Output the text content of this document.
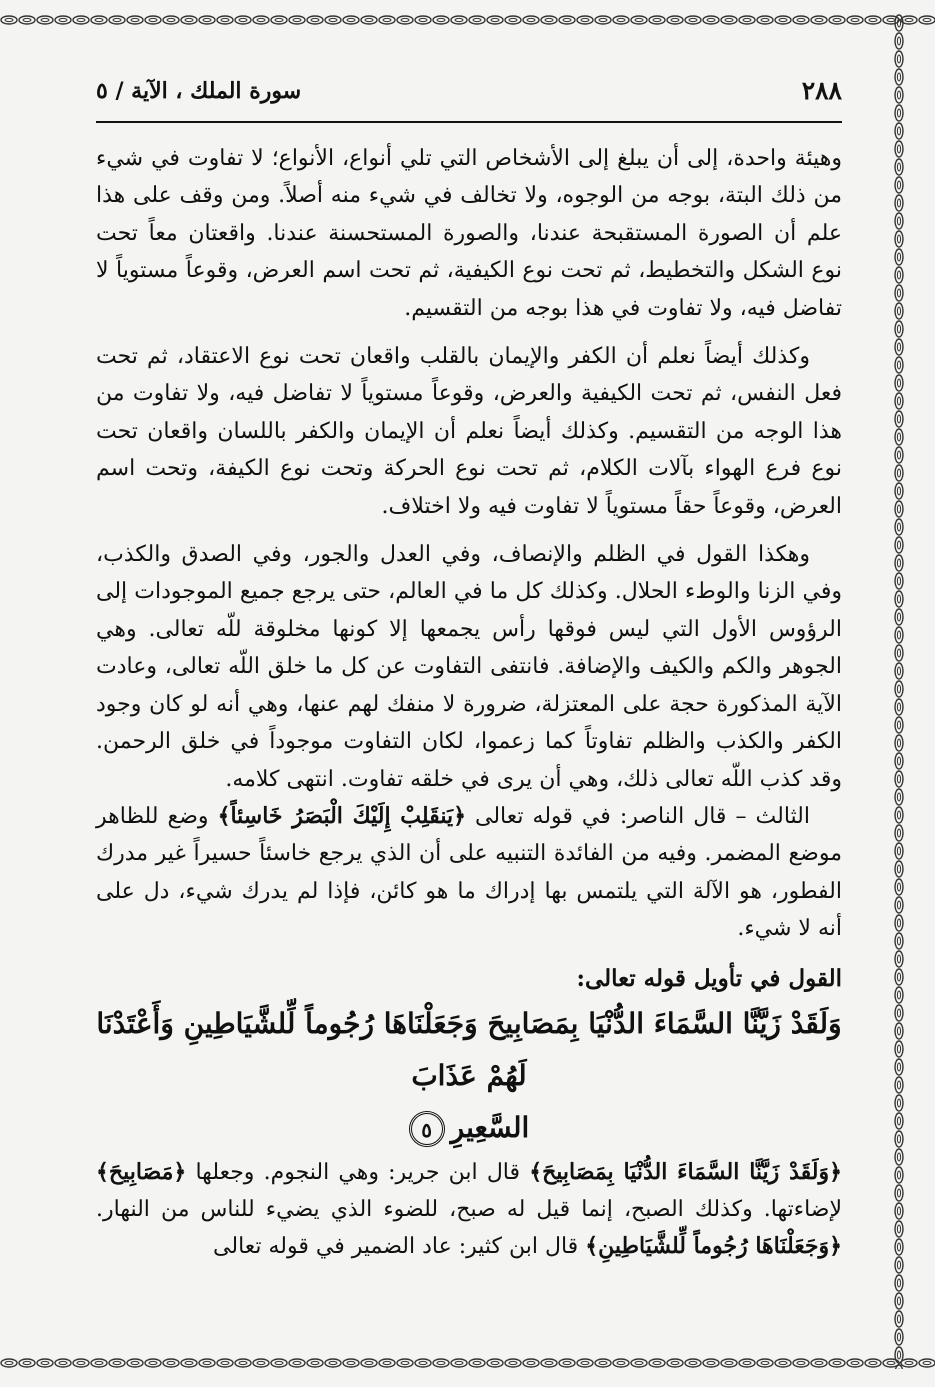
٢٨٨
سورة الملك ، الآية / ٥

وهيئة واحدة، إلى أن يبلغ إلى الأشخاص التي تلي أنواع، الأنواع؛ لا تفاوت في شيء من ذلك البتة، بوجه من الوجوه، ولا تخالف في شيء منه أصلاً. ومن وقف على هذا علم أن الصورة المستقبحة عندنا، والصورة المستحسنة عندنا. واقعتان معاً تحت نوع الشكل والتخطيط، ثم تحت نوع الكيفية، ثم تحت اسم العرض، وقوعاً مستوياً لا تفاضل فيه، ولا تفاوت في هذا بوجه من التقسيم.

وكذلك أيضاً نعلم أن الكفر والإيمان بالقلب واقعان تحت نوع الاعتقاد، ثم تحت فعل النفس، ثم تحت الكيفية والعرض، وقوعاً مستوياً لا تفاضل فيه، ولا تفاوت من هذا الوجه من التقسيم. وكذلك أيضاً نعلم أن الإيمان والكفر باللسان واقعان تحت نوع فرع الهواء بآلات الكلام، ثم تحت نوع الحركة وتحت نوع الكيفة، وتحت اسم العرض، وقوعاً حقاً مستوياً لا تفاوت فيه ولا اختلاف.

وهكذا القول في الظلم والإنصاف، وفي العدل والجور، وفي الصدق والكذب، وفي الزنا والوطء الحلال. وكذلك كل ما في العالم، حتى يرجع جميع الموجودات إلى الرؤوس الأول التي ليس فوقها رأس يجمعها إلا كونها مخلوقة للّه تعالى. وهي الجوهر والكم والكيف والإضافة. فانتفى التفاوت عن كل ما خلق اللّه تعالى، وعادت الآية المذكورة حجة على المعتزلة، ضرورة لا منفك لهم عنها، وهي أنه لو كان وجود الكفر والكذب والظلم تفاوتاً كما زعموا، لكان التفاوت موجوداً في خلق الرحمن. وقد كذب اللّه تعالى ذلك، وهي أن يرى في خلقه تفاوت. انتهى كلامه.

الثالث – قال الناصر: في قوله تعالى ﴿يَنقَلِبْ إِلَيْكَ الْبَصَرُ خَاسِئاً﴾ وضع للظاهر موضع المضمر. وفيه من الفائدة التنبيه على أن الذي يرجع خاسئاً حسيراً غير مدرك الفطور، هو الآلة التي يلتمس بها إدراك ما هو كائن، فإذا لم يدرك شيء، دل على أنه لا شيء.

القول في تأويل قوله تعالى:

وَلَقَدْ زَيَّنَّا السَّمَاءَ الدُّنْيَا بِمَصَابِيحَ وَجَعَلْنَاهَا رُجُوماً لِّلشَّيَاطِينِ وَأَعْتَدْنَا لَهُمْ عَذَابَ

السَّعِيرِ٥

﴿وَلَقَدْ زَيَّنَّا السَّمَاءَ الدُّنْيَا بِمَصَابِيحَ﴾ قال ابن جرير: وهي النجوم. وجعلها ﴿مَصَابِيحَ﴾ لإضاءتها. وكذلك الصبح، إنما قيل له صبح، للضوء الذي يضيء للناس من النهار. ﴿وَجَعَلْنَاهَا رُجُوماً لِّلشَّيَاطِينِ﴾ قال ابن كثير: عاد الضمير في قوله تعالى
